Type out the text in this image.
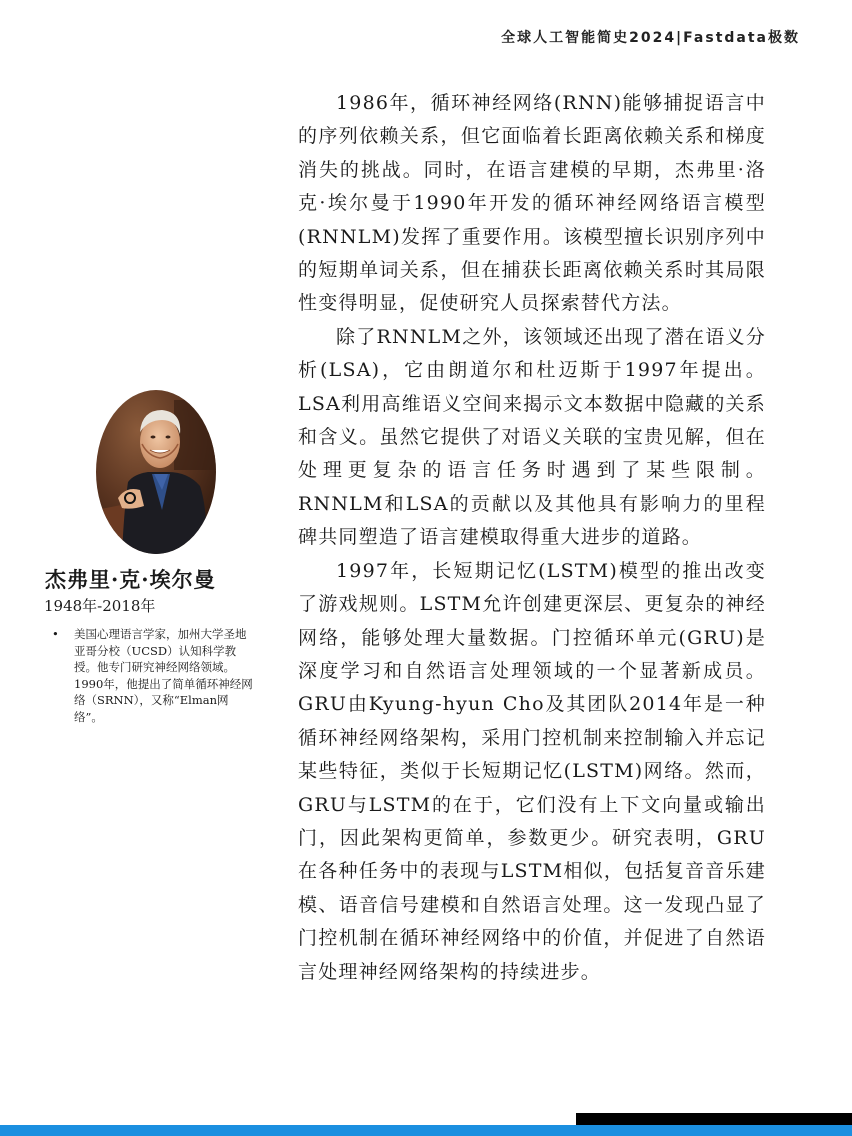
全球人工智能简史2024|Fastdata极数

1986年，循环神经网络(RNN)能够捕捉语言中的序列依赖关系，但它面临着长距离依赖关系和梯度消失的挑战。同时，在语言建模的早期，杰弗里·洛克·埃尔曼于1990年开发的循环神经网络语言模型(RNNLM)发挥了重要作用。该模型擅长识别序列中的短期单词关系，但在捕获长距离依赖关系时其局限性变得明显，促使研究人员探索替代方法。

除了RNNLM之外，该领域还出现了潜在语义分析(LSA)，它由朗道尔和杜迈斯于1997年提出。LSA利用高维语义空间来揭示文本数据中隐藏的关系和含义。虽然它提供了对语义关联的宝贵见解，但在处理更复杂的语言任务时遇到了某些限制。RNNLM和LSA的贡献以及其他具有影响力的里程碑共同塑造了语言建模取得重大进步的道路。

1997年，长短期记忆(LSTM)模型的推出改变了游戏规则。LSTM允许创建更深层、更复杂的神经网络，能够处理大量数据。门控循环单元(GRU)是深度学习和自然语言处理领域的一个显著新成员。GRU由Kyung-hyun Cho及其团队2014年是一种循环神经网络架构，采用门控机制来控制输入并忘记某些特征，类似于长短期记忆(LSTM)网络。然而，GRU与LSTM的在于，它们没有上下文向量或输出门，因此架构更简单，参数更少。研究表明，GRU在各种任务中的表现与LSTM相似，包括复音音乐建模、语音信号建模和自然语言处理。这一发现凸显了门控机制在循环神经网络中的价值，并促进了自然语言处理神经网络架构的持续进步。

杰弗里·克·埃尔曼
1948年-2018年
• 美国心理语言学家，加州大学圣地亚哥分校（UCSD）认知科学教授。他专门研究神经网络领域。1990年，他提出了简单循环神经网络（SRNN），又称“Elman网络”。
